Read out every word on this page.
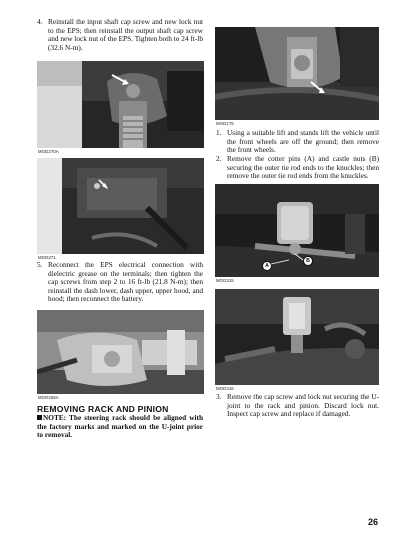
4. Reinstall the input shaft cap screw and new lock nut to the EPS; then reinstall the output shaft cap screw and new lock nut of the EPS. Tighten both to 24 ft-lb (32.6 N-m).
MOD270A
MOD271
5. Reconnect the EPS electrical connection with dielectric grease on the terminals; then tighten the cap screws from step 2 to 16 ft-lb (21.8 N-m); then reinstall the dash lower, dash upper, upper hood, and hood; then reconnect the battery.
MOD269A
REMOVING RACK AND PINION
NOTE: The steering rack should be aligned with the factory marks and marked on the U-joint prior to removal.
MOD175
1. Using a suitable lift and stands lift the vehicle until the front wheels are off the ground; then remove the front wheels.
2. Remove the cotter pins (A) and castle nuts (B) securing the outer tie rod ends to the knuckles; then remove the outer tie rod ends from the knuckles.
A
B
MOD315
MOD316
3. Remove the cap screw and lock nut securing the U-joint to the rack and pinion. Discard lock nut. Inspect cap screw and replace if damaged.
26
